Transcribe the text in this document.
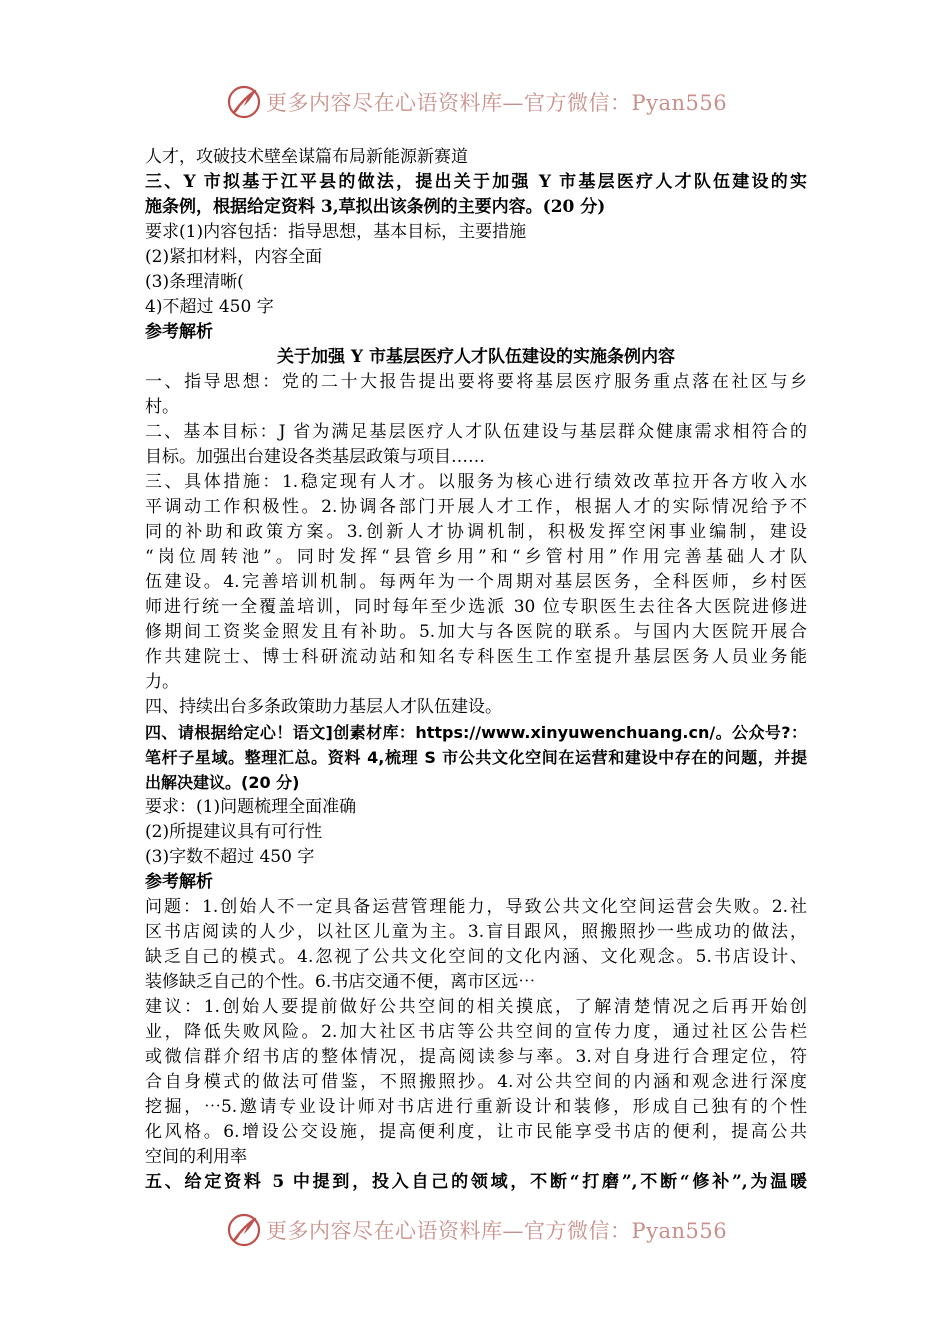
更多内容尽在心语资料库—官方微信：Pyan556
人才，攻破技术壁垒谋篇布局新能源新赛道
三、Y 市拟基于江平县的做法，提出关于加强 Y 市基层医疗人才队伍建设的实
施条例，根据给定资料 3,草拟出该条例的主要内容。(20 分)
要求(1)内容包括：指导思想，基本目标，主要措施
(2)紧扣材料，内容全面
(3)条理清晰(
4)不超过 450 字
参考解析
关于加强 Y 市基层医疗人才队伍建设的实施条例内容
一、指导思想：党的二十大报告提出要将要将基层医疗服务重点落在社区与乡
村。
二、基本目标：J 省为满足基层医疗人才队伍建设与基层群众健康需求相符合的
目标。加强出台建设各类基层政策与项目……
三、具体措施：1.稳定现有人才。以服务为核心进行绩效改革拉开各方收入水
平调动工作积极性。2.协调各部门开展人才工作，根据人才的实际情况给予不
同的补助和政策方案。3.创新人才协调机制，积极发挥空闲事业编制，建设
“岗位周转池”。同时发挥“县管乡用”和“乡管村用”作用完善基础人才队
伍建设。4.完善培训机制。每两年为一个周期对基层医务，全科医师，乡村医
师进行统一全覆盖培训，同时每年至少选派 30 位专职医生去往各大医院进修进
修期间工资奖金照发且有补助。5.加大与各医院的联系。与国内大医院开展合
作共建院士、博士科研流动站和知名专科医生工作室提升基层医务人员业务能
力。
四、持续出台多条政策助力基层人才队伍建设。
四、请根据给定心！语文]创素材库：https://www.xinyuwenchuang.cn/。公众号?：
笔杆子星域。整理汇总。资料 4,梳理 S 市公共文化空间在运营和建设中存在的问题，并提
出解决建议。(20 分)
要求：(1)问题梳理全面准确
(2)所提建议具有可行性
(3)字数不超过 450 字
参考解析
问题：1.创始人不一定具备运营管理能力，导致公共文化空间运营会失败。2.社
区书店阅读的人少，以社区儿童为主。3.盲目跟风，照搬照抄一些成功的做法，
缺乏自己的模式。4.忽视了公共文化空间的文化内涵、文化观念。5.书店设计、
装修缺乏自己的个性。6.书店交通不便，离市区远⋯
建议：1.创始人要提前做好公共空间的相关摸底，了解清楚情况之后再开始创
业，降低失败风险。2.加大社区书店等公共空间的宣传力度，通过社区公告栏
或微信群介绍书店的整体情况，提高阅读参与率。3.对自身进行合理定位，符
合自身模式的做法可借鉴，不照搬照抄。4.对公共空间的内涵和观念进行深度
挖掘，⋯5.邀请专业设计师对书店进行重新设计和装修，形成自己独有的个性
化风格。6.增设公交设施，提高便利度，让市民能享受书店的便利，提高公共
空间的利用率
五、给定资料 5 中提到，投入自己的领域，不断“打磨”,不断“修补”,为温暖
更多内容尽在心语资料库—官方微信：Pyan556
